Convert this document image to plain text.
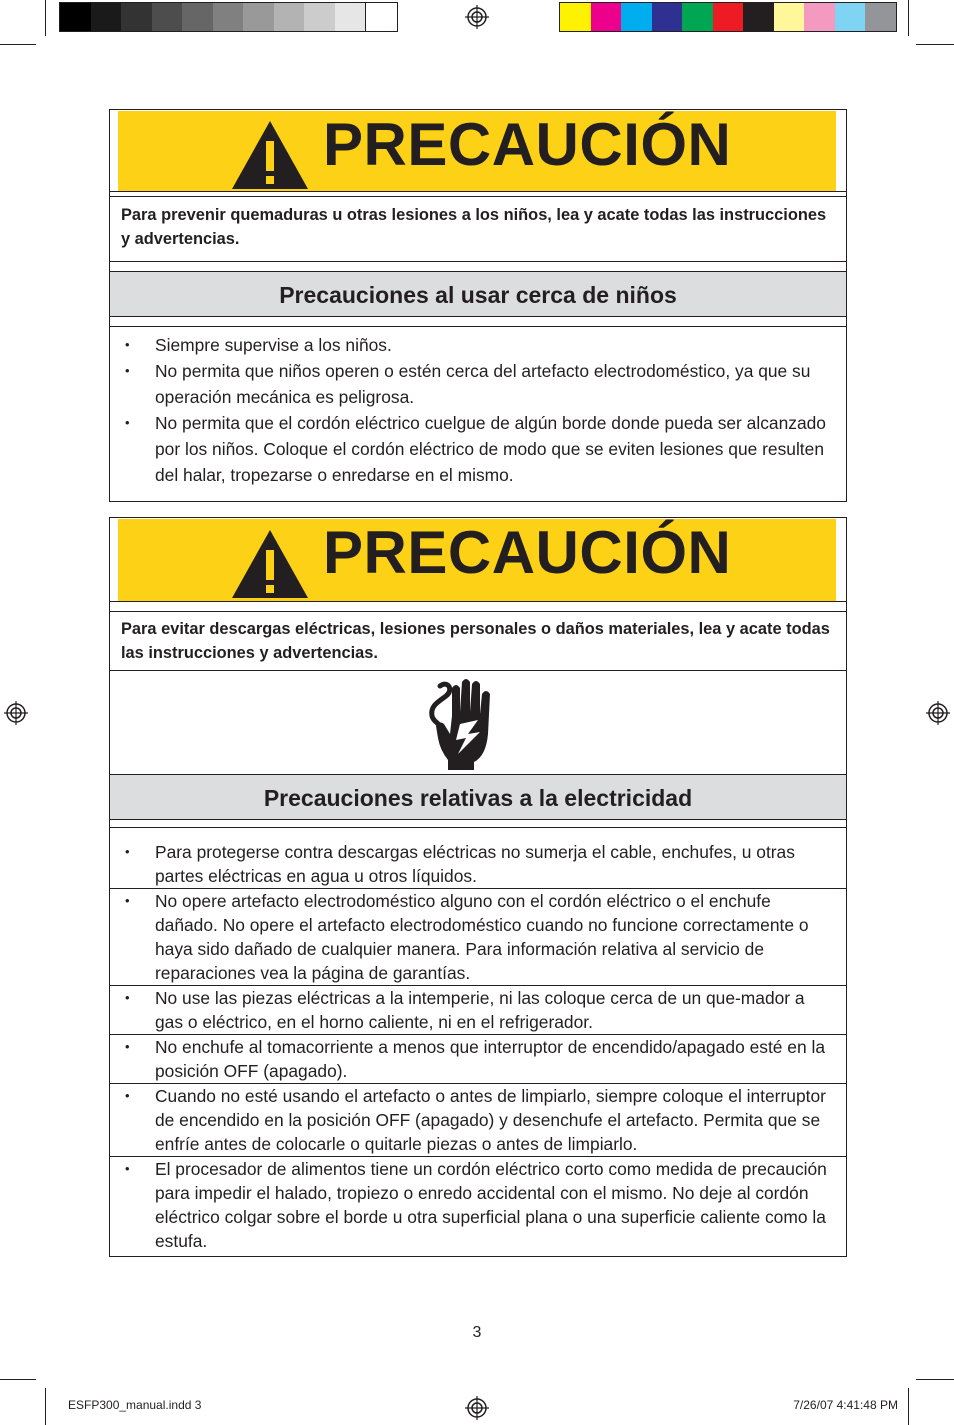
PRECAUCIÓN
Para prevenir quemaduras u otras lesiones a los niños, lea y acate todas las instrucciones y advertencias.
Precauciones al usar cerca de niños
• Siempre supervise a los niños.
• No permita que niños operen o estén cerca del artefacto electrodoméstico, ya que su operación mecánica es peligrosa.
• No permita que el cordón eléctrico cuelgue de algún borde donde pueda ser alcanzado por los niños. Coloque el cordón eléctrico de modo que se eviten lesiones que resulten del halar, tropezarse o enredarse en el mismo.
PRECAUCIÓN
Para evitar descargas eléctricas, lesiones personales o daños materiales, lea y acate todas las instrucciones y advertencias.
Precauciones relativas a la electricidad
• Para protegerse contra descargas eléctricas no sumerja el cable, enchufes, u otras partes eléctricas en agua u otros líquidos.
• No opere artefacto electrodoméstico alguno con el cordón eléctrico o el enchufe dañado. No opere el artefacto electrodoméstico cuando no funcione correctamente o haya sido dañado de cualquier manera. Para información relativa al servicio de reparaciones vea la página de garantías.
• No use las piezas eléctricas a la intemperie, ni las coloque cerca de un que-mador a gas o eléctrico, en el horno caliente, ni en el refrigerador.
• No enchufe al tomacorriente a menos que interruptor de encendido/apagado esté en la posición OFF (apagado).
• Cuando no esté usando el artefacto o antes de limpiarlo, siempre coloque el interruptor de encendido en la posición OFF (apagado) y desenchufe el artefacto. Permita que se enfríe antes de colocarle o quitarle piezas o antes de limpiarlo.
• El procesador de alimentos tiene un cordón eléctrico corto como medida de precaución para impedir el halado, tropiezo o enredo accidental con el mismo. No deje al cordón eléctrico colgar sobre el borde u otra superficial plana o una superficie caliente como la estufa.
3
ESFP300_manual.indd 3	7/26/07 4:41:48 PM
